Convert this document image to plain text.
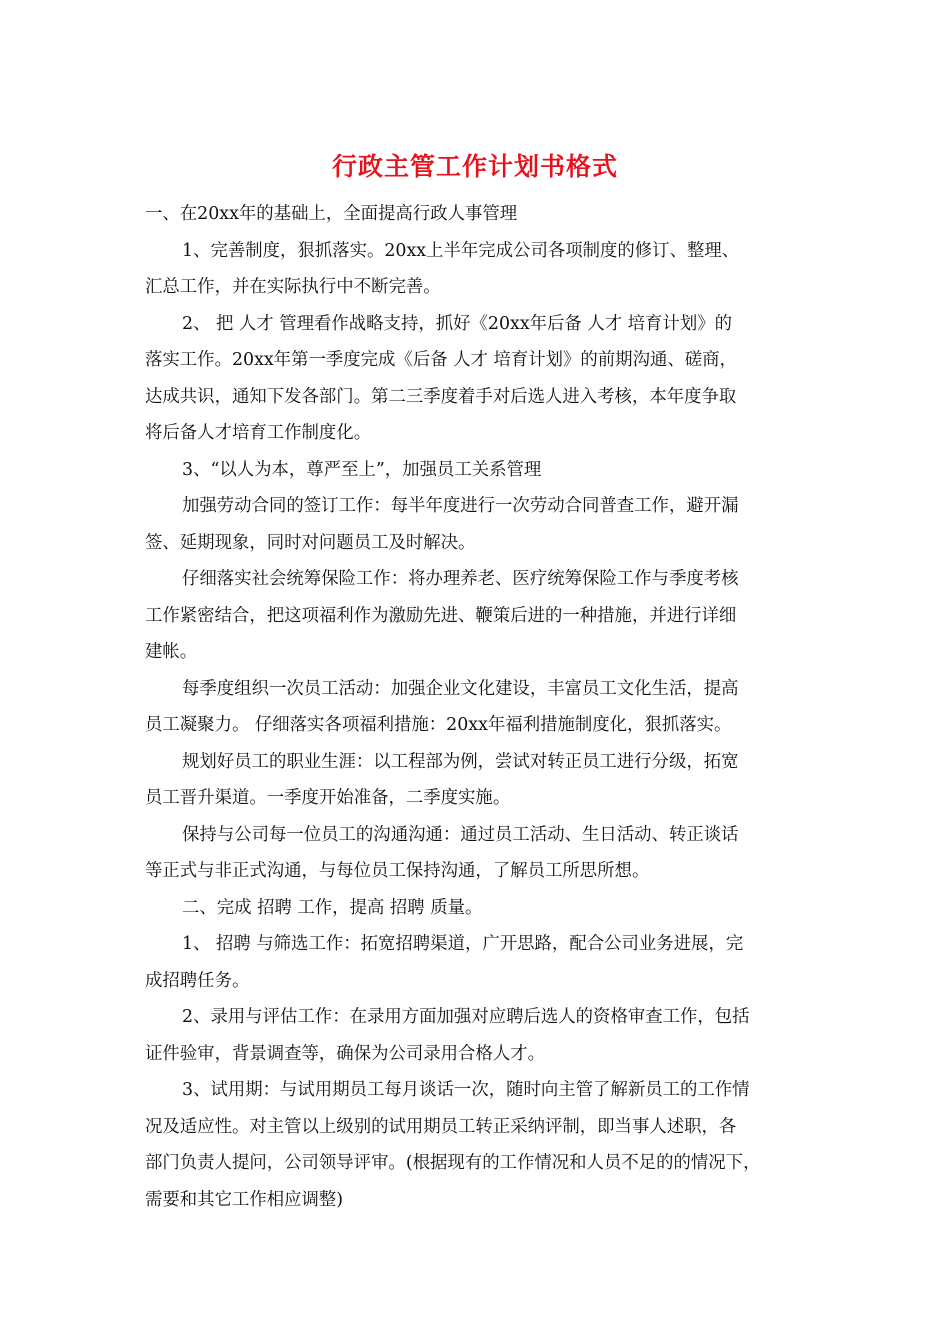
行政主管工作计划书格式

一、在20xx年的基础上，全面提高行政人事管理

1、完善制度，狠抓落实。20xx上半年完成公司各项制度的修订、整理、

汇总工作，并在实际执行中不断完善。

2、 把 人才 管理看作战略支持，抓好《20xx年后备 人才 培育计划》的

落实工作。20xx年第一季度完成《后备 人才 培育计划》的前期沟通、磋商，

达成共识，通知下发各部门。第二三季度着手对后选人进入考核，本年度争取

将后备人才培育工作制度化。

3、“以人为本，尊严至上”，加强员工关系管理

加强劳动合同的签订工作：每半年度进行一次劳动合同普查工作，避开漏

签、延期现象，同时对问题员工及时解决。

仔细落实社会统筹保险工作：将办理养老、医疗统筹保险工作与季度考核

工作紧密结合，把这项福利作为激励先进、鞭策后进的一种措施，并进行详细

建帐。

每季度组织一次员工活动：加强企业文化建设，丰富员工文化生活，提高

员工凝聚力。 仔细落实各项福利措施：20xx年福利措施制度化，狠抓落实。

规划好员工的职业生涯：以工程部为例，尝试对转正员工进行分级，拓宽

员工晋升渠道。一季度开始准备，二季度实施。

保持与公司每一位员工的沟通沟通：通过员工活动、生日活动、转正谈话

等正式与非正式沟通，与每位员工保持沟通，了解员工所思所想。

二、完成 招聘 工作，提高 招聘 质量。

1、 招聘 与筛选工作：拓宽招聘渠道，广开思路，配合公司业务进展，完

成招聘任务。

2、录用与评估工作：在录用方面加强对应聘后选人的资格审查工作，包括

证件验审，背景调查等，确保为公司录用合格人才。

3、试用期：与试用期员工每月谈话一次，随时向主管了解新员工的工作情

况及适应性。对主管以上级别的试用期员工转正采纳评制，即当事人述职，各

部门负责人提问，公司领导评审。(根据现有的工作情况和人员不足的的情况下，

需要和其它工作相应调整)
